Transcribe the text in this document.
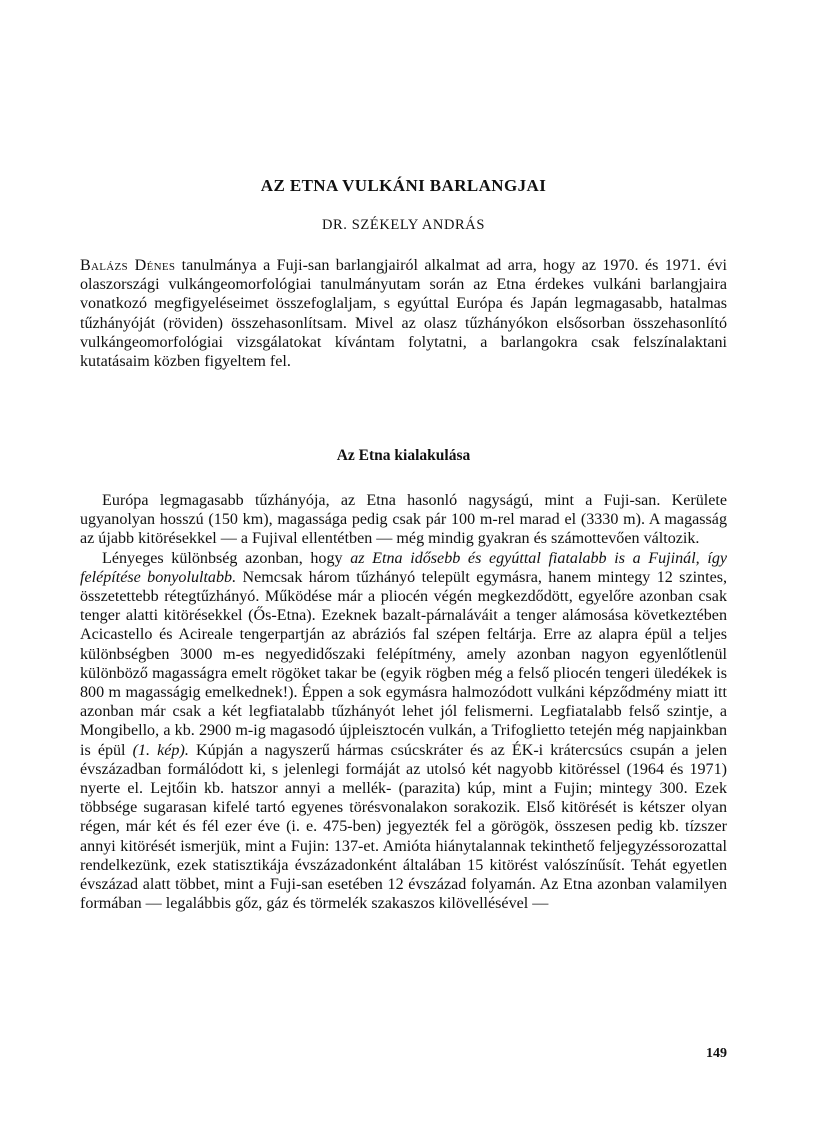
AZ ETNA VULKÁNI BARLANGJAI
DR. SZÉKELY ANDRÁS

Balázs Dénes tanulmánya a Fuji-san barlangjairól alkalmat ad arra, hogy az 1970. és 1971. évi olaszországi vulkángeomorfológiai tanulmányutam során az Etna érdekes vulkáni barlangjaira vonatkozó megfigyeléseimet összefoglaljam, s egyúttal Európa és Japán legmagasabb, hatalmas tűzhányóját (röviden) összehasonlítsam. Mivel az olasz tűzhányókon elsősorban összehasonlító vulkángeomorfológiai vizsgálatokat kívántam folytatni, a barlangokra csak felszínalaktani kutatásaim közben figyeltem fel.

Az Etna kialakulása

Európa legmagasabb tűzhányója, az Etna hasonló nagyságú, mint a Fuji-san. Kerülete ugyanolyan hosszú (150 km), magassága pedig csak pár 100 m-rel marad el (3330 m). A magasság az újabb kitörésekkel — a Fujival ellentétben — még mindig gyakran és számottevően változik.

Lényeges különbség azonban, hogy az Etna idősebb és egyúttal fiatalabb is a Fujinál, így felépítése bonyolultabb. Nemcsak három tűzhányó települt egymásra, hanem mintegy 12 szintes, összetettebb rétegtűzhányó. Működése már a pliocén végén megkezdődött, egyelőre azonban csak tenger alatti kitörésekkel (Ős-Etna). Ezeknek bazalt-párnaláváit a tenger alámosása következtében Acicastello és Acireale tengerpartján az abráziós fal szépen feltárja. Erre az alapra épül a teljes különbségben 3000 m-es negyedidőszaki felépítmény, amely azonban nagyon egyenlőtlenül különböző magasságra emelt rögöket takar be (egyik rögben még a felső pliocén tengeri üledékek is 800 m magasságig emelkednek!). Éppen a sok egymásra halmozódott vulkáni képződmény miatt itt azonban már csak a két legfiatalabb tűzhányót lehet jól felismerni. Legfiatalabb felső szintje, a Mongibello, a kb. 2900 m-ig magasodó újpleisztocén vulkán, a Trifoglietto tetején még napjainkban is épül (1. kép). Kúpján a nagyszerű hármas csúcskráter és az ÉK-i krátercsúcs csupán a jelen évszázadban formálódott ki, s jelenlegi formáját az utolsó két nagyobb kitöréssel (1964 és 1971) nyerte el. Lejtőin kb. hatszor annyi a mellék- (parazita) kúp, mint a Fujin; mintegy 300. Ezek többsége sugarasan kifelé tartó egyenes törésvonalakon sorakozik. Első kitörését is kétszer olyan régen, már két és fél ezer éve (i. e. 475-ben) jegyezték fel a görögök, összesen pedig kb. tízszer annyi kitörését ismerjük, mint a Fujin: 137-et. Amióta hiánytalannak tekinthető feljegyzéssorozattal rendelkezünk, ezek statisztikája évszázadonként általában 15 kitörést valószínűsít. Tehát egyetlen évszázad alatt többet, mint a Fuji-san esetében 12 évszázad folyamán. Az Etna azonban valamilyen formában — legalábbis gőz, gáz és törmelék szakaszos kilövellésével —

149
